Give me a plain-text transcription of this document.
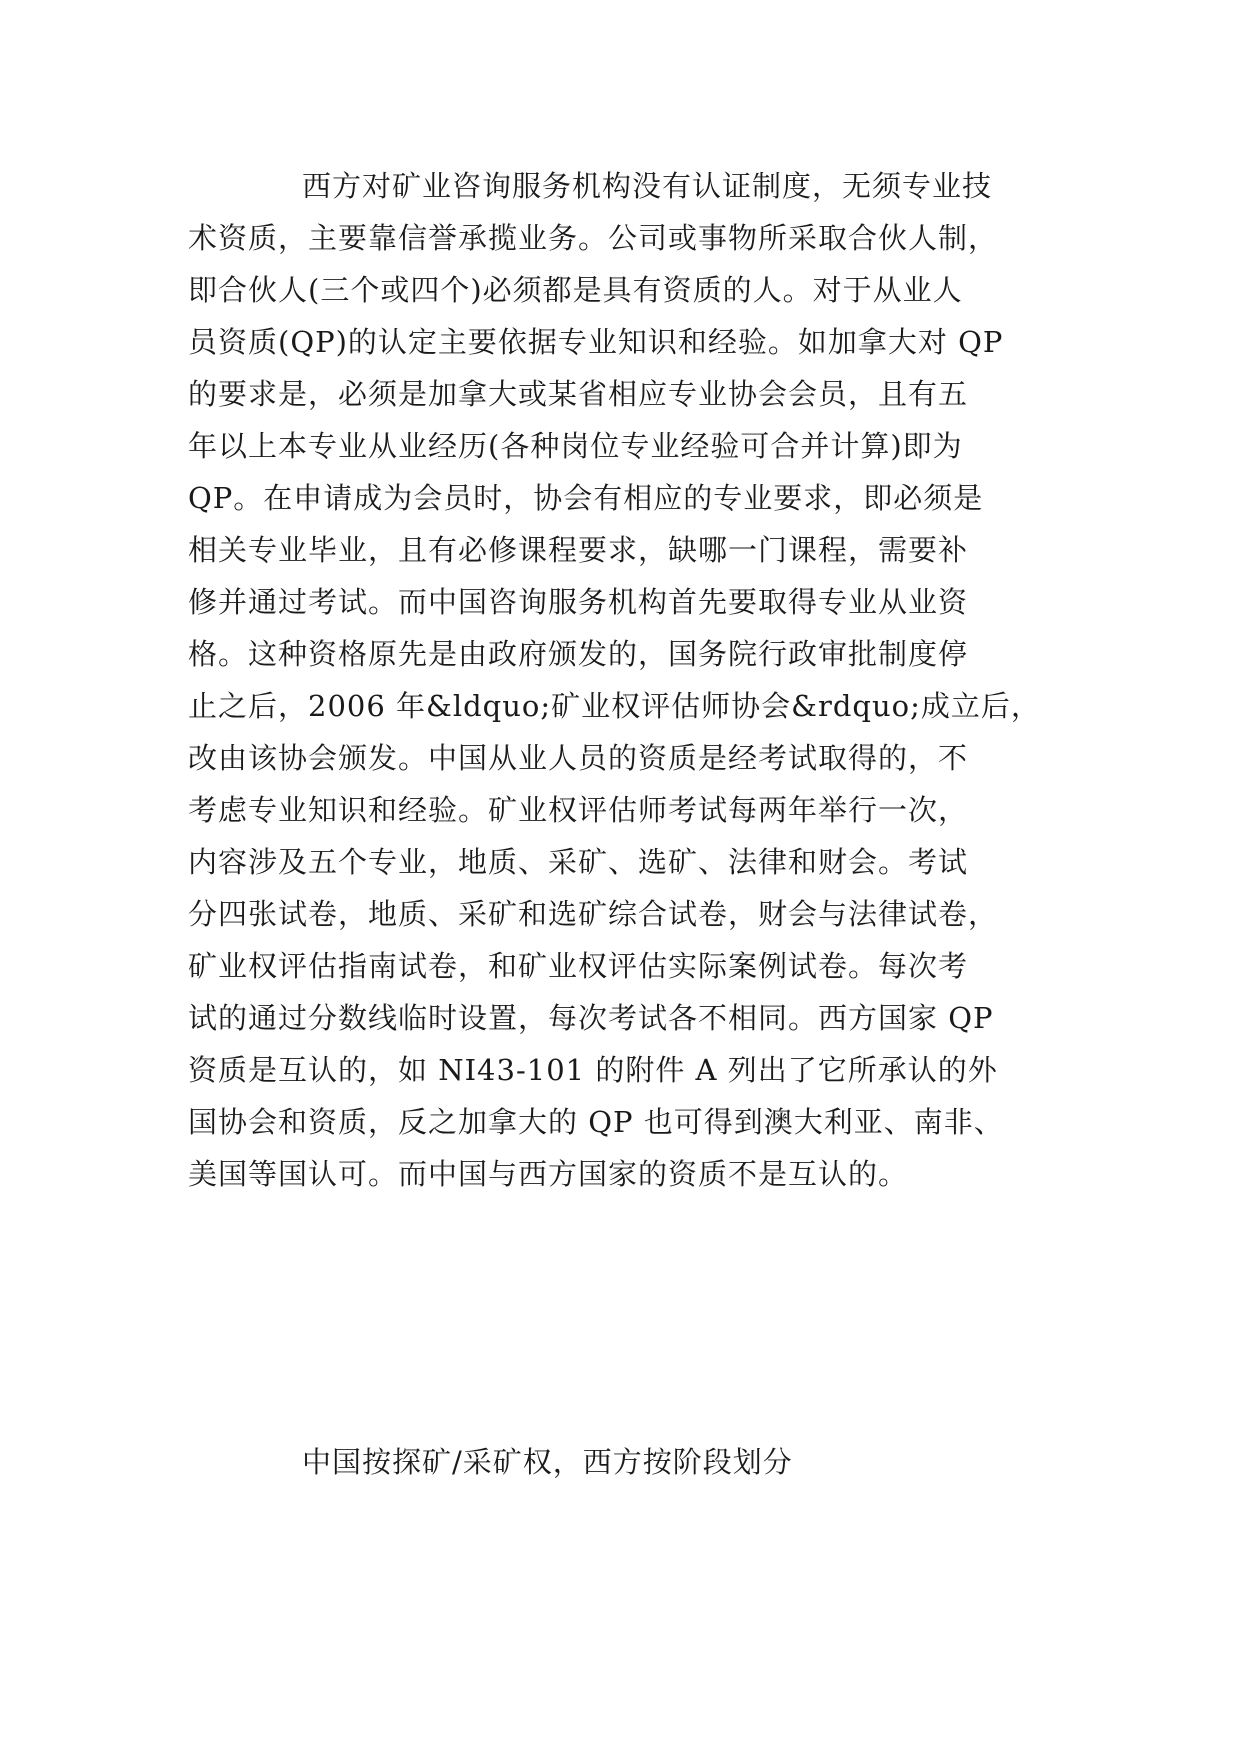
西方对矿业咨询服务机构没有认证制度，无须专业技
术资质，主要靠信誉承揽业务。公司或事物所采取合伙人制，
即合伙人(三个或四个)必须都是具有资质的人。对于从业人
员资质(QP)的认定主要依据专业知识和经验。如加拿大对 QP
的要求是，必须是加拿大或某省相应专业协会会员，且有五
年以上本专业从业经历(各种岗位专业经验可合并计算)即为
QP。在申请成为会员时，协会有相应的专业要求，即必须是
相关专业毕业，且有必修课程要求，缺哪一门课程，需要补
修并通过考试。而中国咨询服务机构首先要取得专业从业资
格。这种资格原先是由政府颁发的，国务院行政审批制度停
止之后，2006 年&ldquo;矿业权评估师协会&rdquo;成立后，
改由该协会颁发。中国从业人员的资质是经考试取得的，不
考虑专业知识和经验。矿业权评估师考试每两年举行一次，
内容涉及五个专业，地质、采矿、选矿、法律和财会。考试
分四张试卷，地质、采矿和选矿综合试卷，财会与法律试卷，
矿业权评估指南试卷，和矿业权评估实际案例试卷。每次考
试的通过分数线临时设置，每次考试各不相同。西方国家 QP
资质是互认的，如 NI43-101 的附件 A 列出了它所承认的外
国协会和资质，反之加拿大的 QP 也可得到澳大利亚、南非、
美国等国认可。而中国与西方国家的资质不是互认的。
中国按探矿/采矿权，西方按阶段划分
